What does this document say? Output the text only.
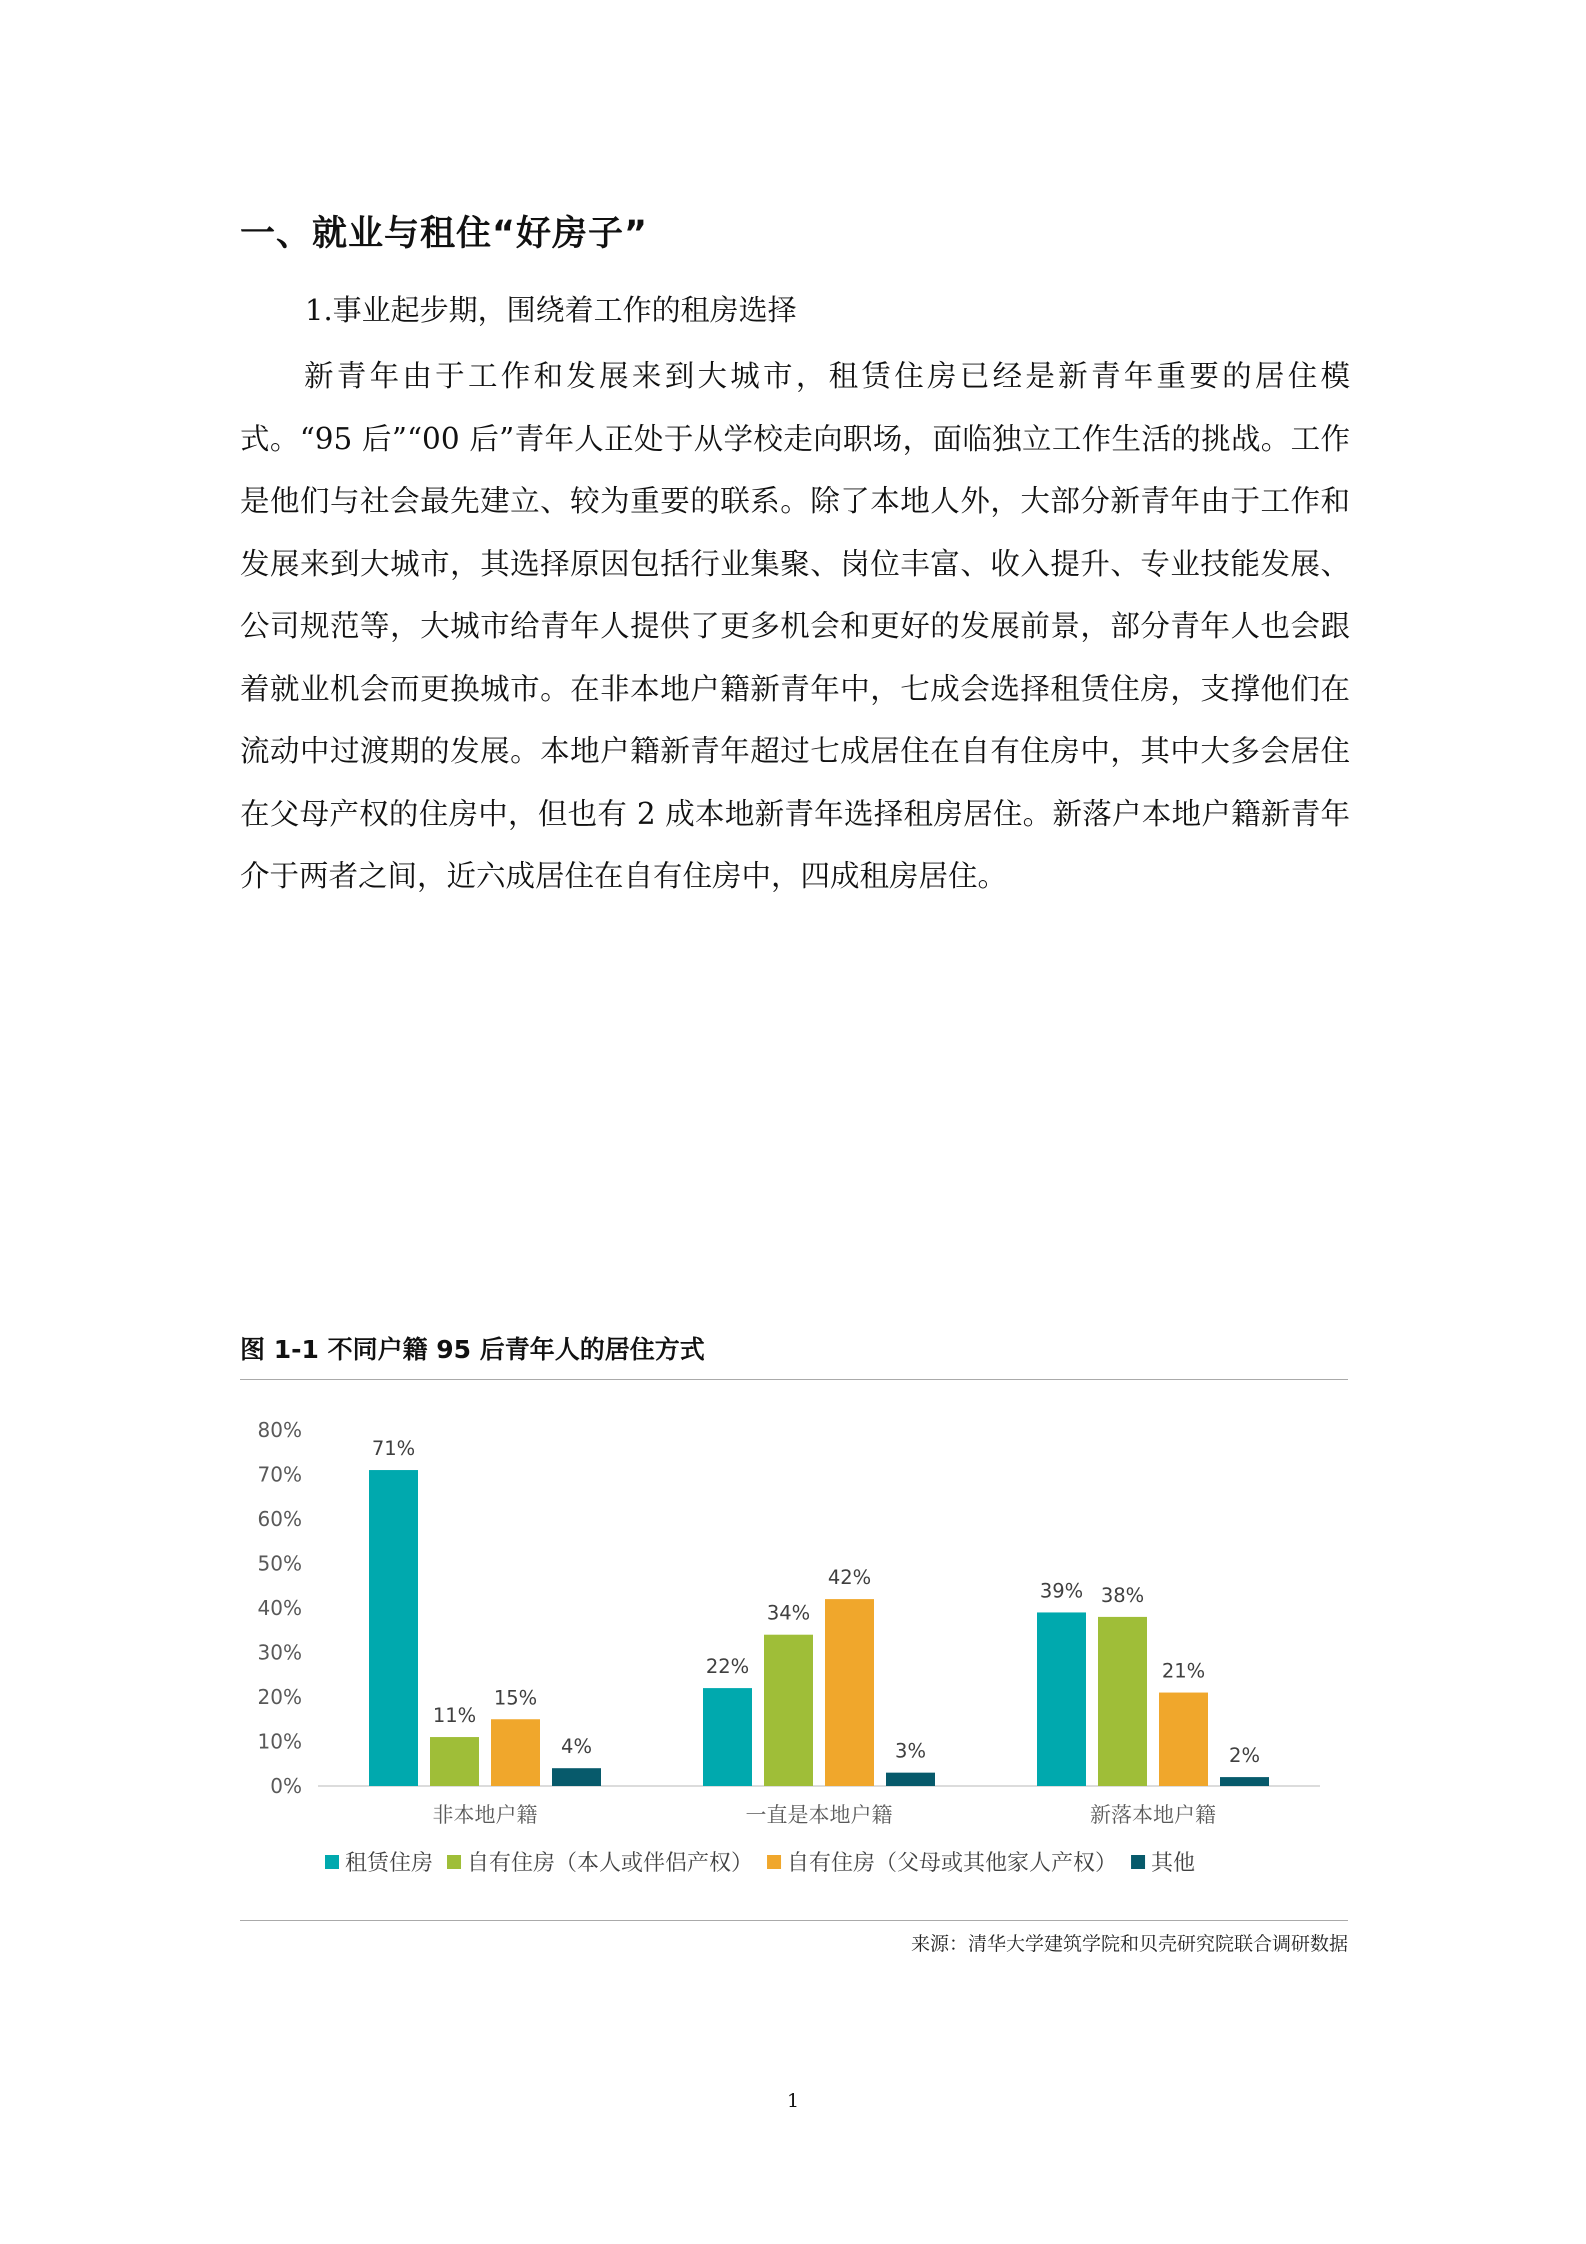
一、就业与租住“好房子”

1.事业起步期，围绕着工作的租房选择

新青年由于工作和发展来到大城市，租赁住房已经是新青年重要的居住模式。“95 后”“00 后”青年人正处于从学校走向职场，面临独立工作生活的挑战。工作是他们与社会最先建立、较为重要的联系。除了本地人外，大部分新青年由于工作和发展来到大城市，其选择原因包括行业集聚、岗位丰富、收入提升、专业技能发展、公司规范等，大城市给青年人提供了更多机会和更好的发展前景，部分青年人也会跟着就业机会而更换城市。在非本地户籍新青年中，七成会选择租赁住房，支撑他们在流动中过渡期的发展。本地户籍新青年超过七成居住在自有住房中，其中大多会居住在父母产权的住房中，但也有 2 成本地新青年选择租房居住。新落户本地户籍新青年介于两者之间，近六成居住在自有住房中，四成租房居住。

图 1-1 不同户籍 95 后青年人的居住方式

0%
10%
20%
30%
40%
50%
60%
70%
80%
71%
11%
15%
4%
非本地户籍
22%
34%
42%
3%
一直是本地户籍
39% 38%
21%
2%
新落本地户籍
租赁住房 自有住房（本人或伴侣产权） 自有住房（父母或其他家人产权） 其他

来源：清华大学建筑学院和贝壳研究院联合调研数据

1
